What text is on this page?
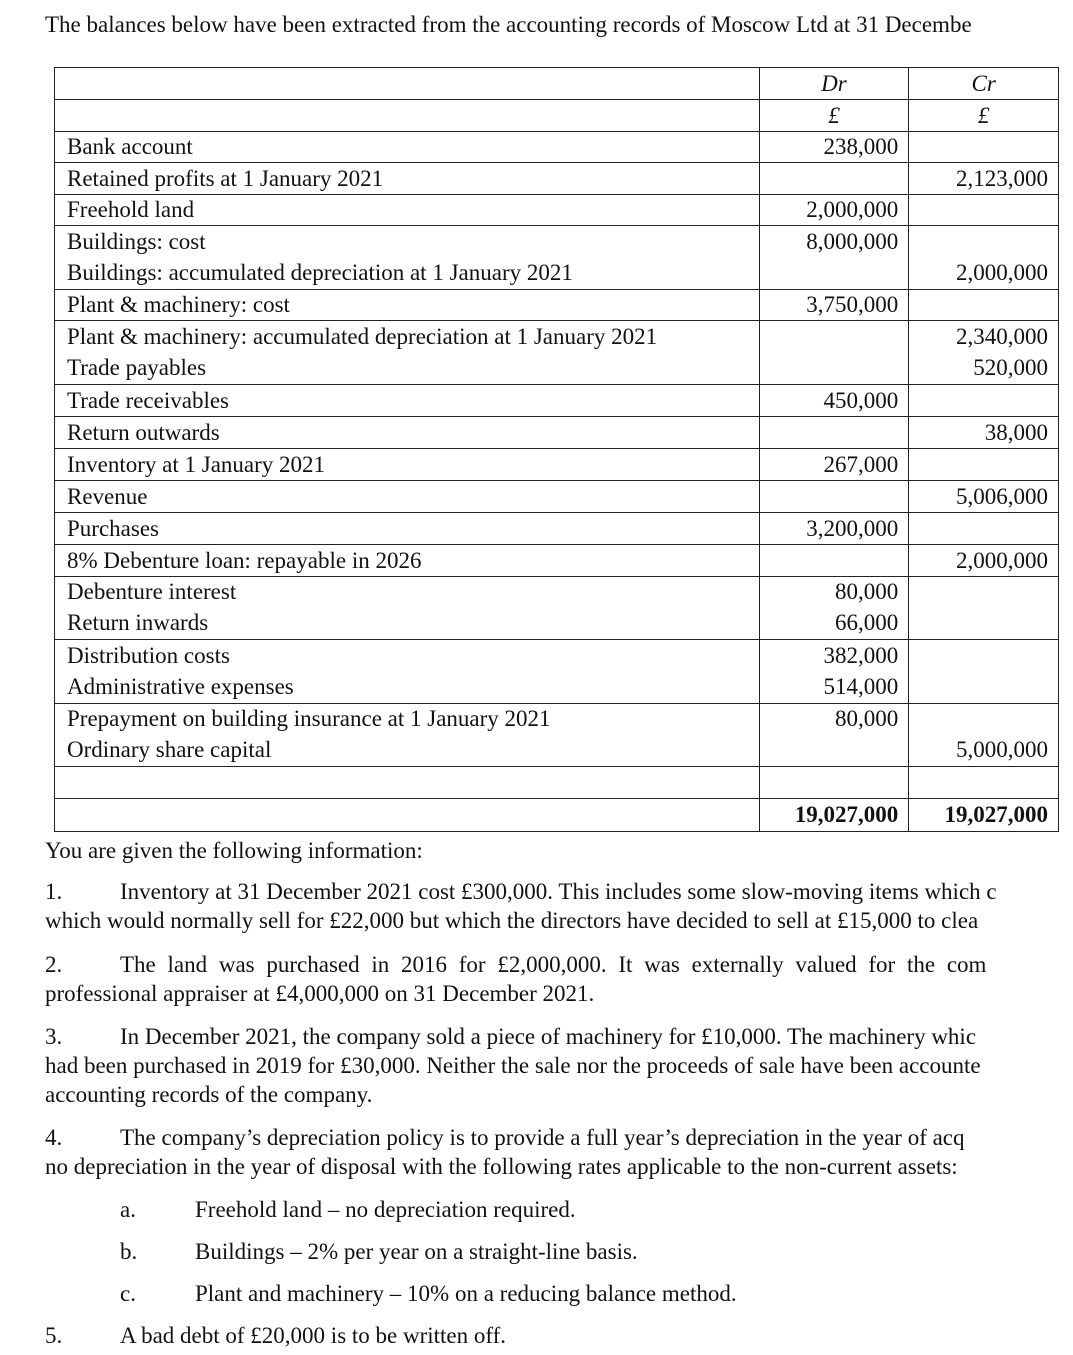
The balances below have been extracted from the accounting records of Moscow Ltd at 31 Decembe

	Dr	Cr
	£	£
Bank account	238,000	
Retained profits at 1 January 2021		2,123,000
Freehold land	2,000,000	
Buildings: cost	8,000,000	
Buildings: accumulated depreciation at 1 January 2021		2,000,000
Plant & machinery: cost	3,750,000	
Plant & machinery: accumulated depreciation at 1 January 2021		2,340,000
Trade payables		520,000
Trade receivables	450,000	
Return outwards		38,000
Inventory at 1 January 2021	267,000	
Revenue		5,006,000
Purchases	3,200,000	
8% Debenture loan: repayable in 2026		2,000,000
Debenture interest	80,000	
Return inwards	66,000	
Distribution costs	382,000	
Administrative expenses	514,000	
Prepayment on building insurance at 1 January 2021	80,000	
Ordinary share capital		5,000,000

	19,027,000	19,027,000

You are given the following information:

1.	Inventory at 31 December 2021 cost £300,000. This includes some slow-moving items which c

which would normally sell for £22,000 but which the directors have decided to sell at £15,000 to clea

2.	The land was purchased in 2016 for £2,000,000. It was externally valued for the com

professional appraiser at £4,000,000 on 31 December 2021.

3.	In December 2021, the company sold a piece of machinery for £10,000. The machinery whic

had been purchased in 2019 for £30,000. Neither the sale nor the proceeds of sale have been accounte

accounting records of the company.

4.	The company’s depreciation policy is to provide a full year’s depreciation in the year of acq

no depreciation in the year of disposal with the following rates applicable to the non-current assets:

a.	Freehold land – no depreciation required.

b.	Buildings – 2% per year on a straight-line basis.

c.	Plant and machinery – 10% on a reducing balance method.

5.	A bad debt of £20,000 is to be written off.
